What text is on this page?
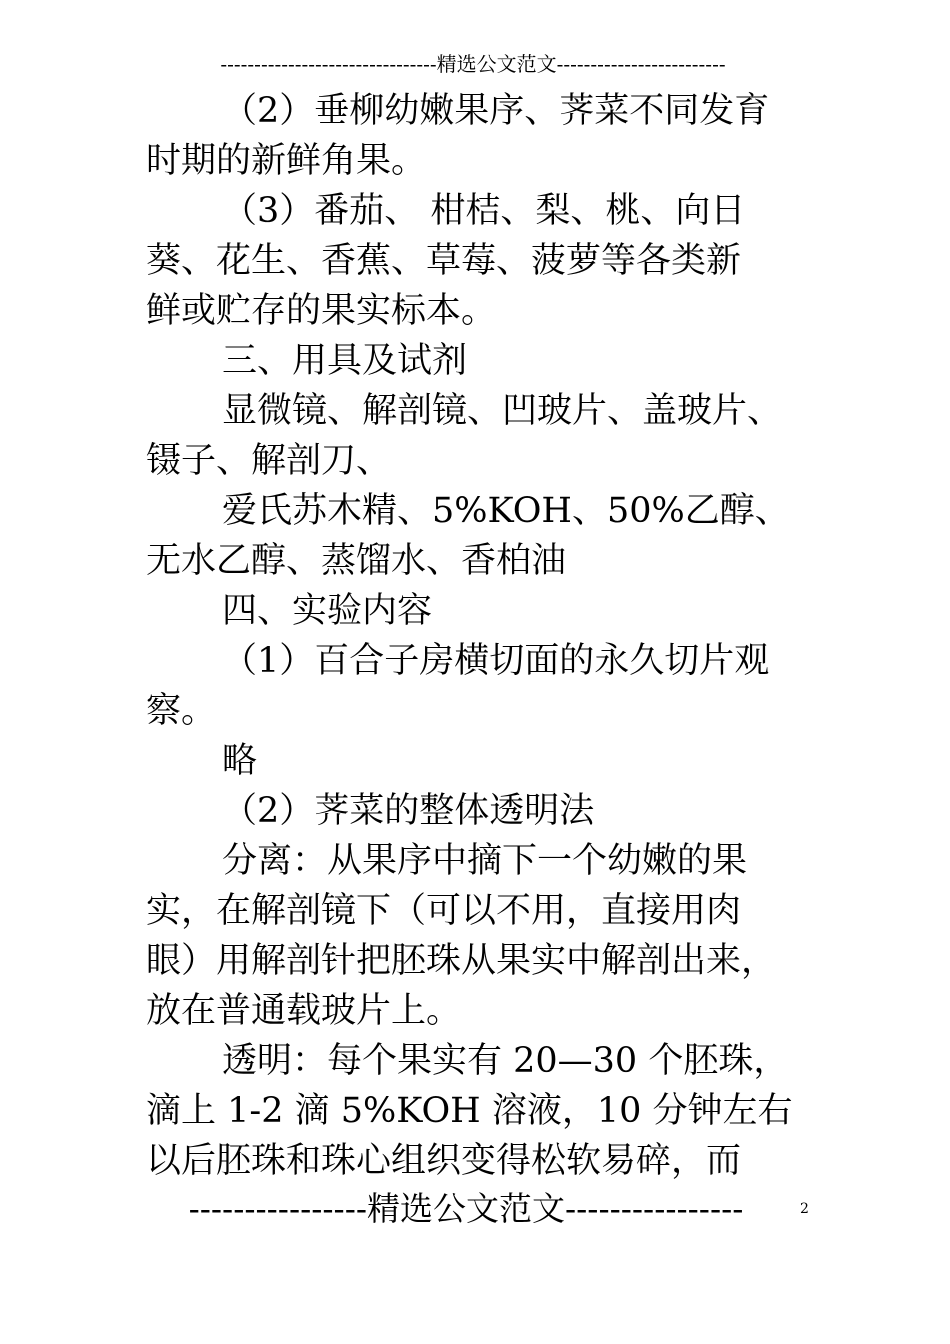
--------------------------------精选公文范文-------------------------
（2）垂柳幼嫩果序、荠菜不同发育
时期的新鲜角果。
（3）番茄、 柑桔、梨、桃、向日
葵、花生、香蕉、草莓、菠萝等各类新
鲜或贮存的果实标本。
三、用具及试剂
显微镜、解剖镜、凹玻片、盖玻片、
镊子、解剖刀、
爱氏苏木精、5%KOH、50%乙醇、
无水乙醇、蒸馏水、香柏油
四、实验内容
（1）百合子房横切面的永久切片观
察。
略
（2）荠菜的整体透明法
分离：从果序中摘下一个幼嫩的果
实，在解剖镜下（可以不用，直接用肉
眼）用解剖针把胚珠从果实中解剖出来，
放在普通载玻片上。
透明：每个果实有 20—30 个胚珠，
滴上 1-2 滴 5%KOH 溶液，10 分钟左右
以后胚珠和珠心组织变得松软易碎，而
----------------精选公文范文----------------	2
